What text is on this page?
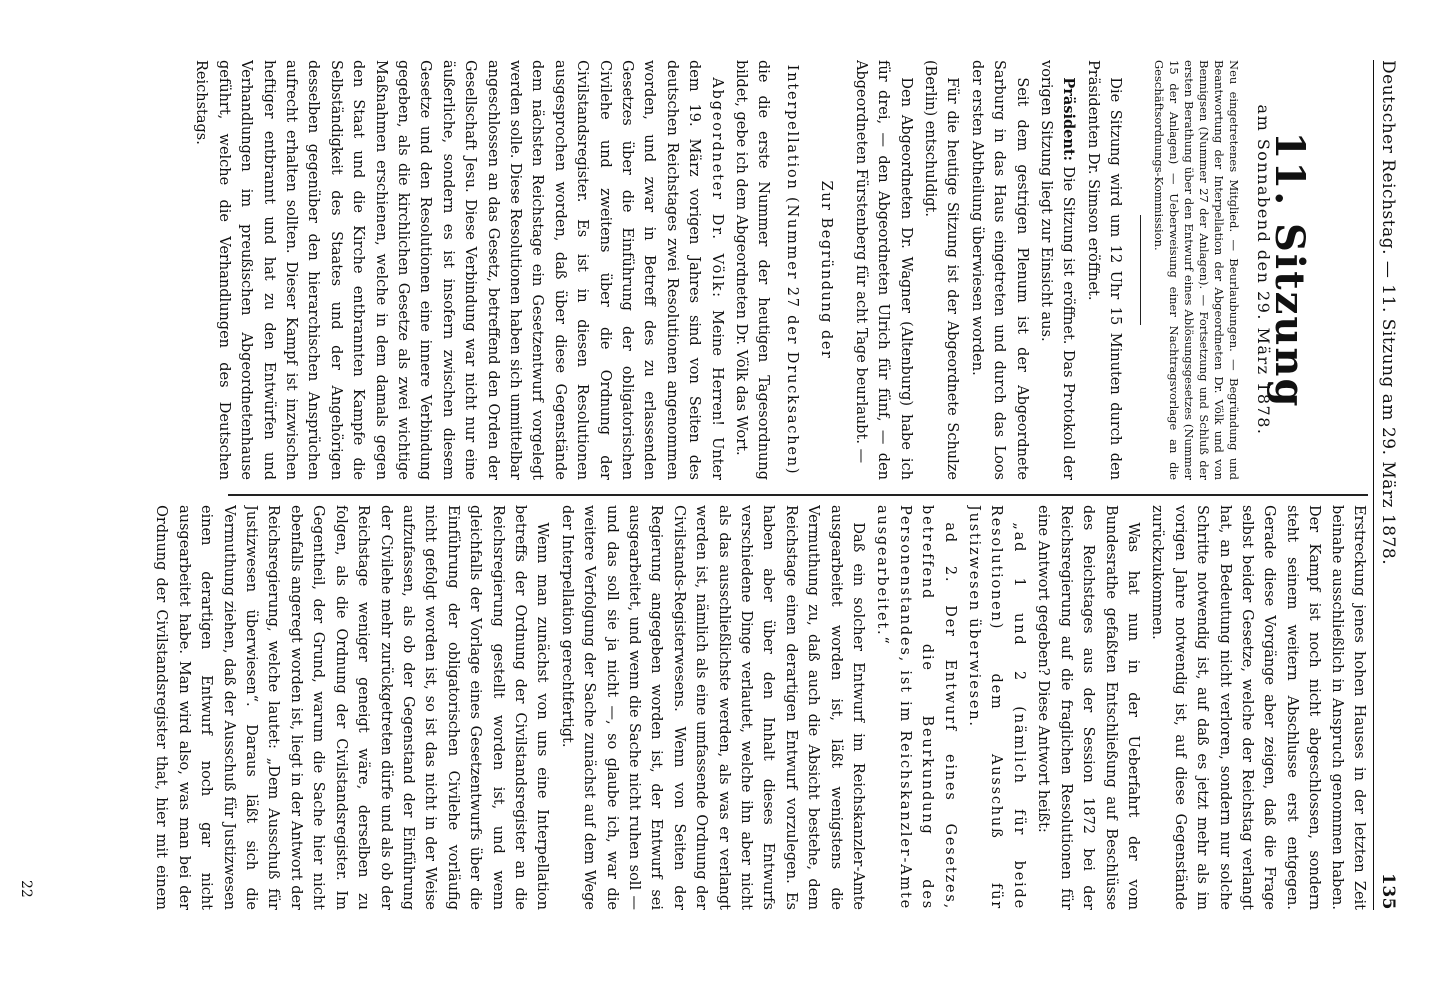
Deutscher Reichstag. — 11. Sitzung am 29. März 1878.
135
11. Sitzung
am Sonnabend den 29. März 1878.

Neu eingetretenes Mitglied. — Beurlaubungen. — Begründung und Beantwortung der Interpellation der Abgeordneten Dr. Völk und von Bennigsen (Nummer 27 der Anlagen). — Fortsetzung und Schluß der ersten Berathung über den Entwurf eines Ablösungsgesetzes (Nummer 15 der Anlagen) — Ueberweisung einer Nachtragsvorlage an die Geschäftsordnungs-Kommission.

Die Sitzung wird um 12 Uhr 15 Minuten durch den Präsidenten Dr. Simson eröffnet.

Präsident: Die Sitzung ist eröffnet. Das Protokoll der vorigen Sitzung liegt zur Einsicht aus.

Seit dem gestrigen Plenum ist der Abgeordnete Sarburg in das Haus eingetreten und durch das Loos der ersten Abtheilung überwiesen worden.

Für die heutige Sitzung ist der Abgeordnete Schulze (Berlin) entschuldigt.

Den Abgeordneten Dr. Wagner (Altenburg) habe ich für drei, — den Abgeordneten Ulrich für fünf, — den Abgeordneten Fürstenberg für acht Tage beurlaubt. —

Zur Begründung der
Interpellation (Nummer 27 der Drucksachen)

die die erste Nummer der heutigen Tagesordnung bildet, gebe ich dem Abgeordneten Dr. Völk das Wort.

Abgeordneter Dr. Völk: Meine Herren! Unter dem 19. März vorigen Jahres sind von Seiten des deutschen Reichstages zwei Resolutionen angenommen worden, und zwar in Betreff des zu erlassenden Gesetzes über die Einführung der obligatorischen Civilehe und zweitens über die Ordnung der Civilstandsregister. Es ist in diesen Resolutionen ausgesprochen worden, daß über diese Gegenstände dem nächsten Reichstage ein Gesetzentwurf vorgelegt werden solle. Diese Resolutionen haben sich unmittelbar angeschlossen an das Gesetz, betreffend den Orden der Gesellschaft Jesu. Diese Verbindung war nicht nur eine äußerliche, sondern es ist insofern zwischen diesem Gesetze und den Resolutionen eine innere Verbindung gegeben, als die kirchlichen Gesetze als zwei wichtige Maßnahmen erschienen, welche in dem damals gegen den Staat und die Kirche entbrannten Kampfe die Selbständigkeit des Staates und der Angehörigen desselben gegenüber den hierarchischen Ansprüchen aufrecht erhalten sollten. Dieser Kampf ist inzwischen heftiger entbrannt und hat zu den Entwürfen und Verhandlungen im preußischen Abgeordnetenhause geführt, welche die Verhandlungen des Deutschen Reichstags.

Erstreckung jenes hohen Hauses in der letzten Zeit beinahe ausschließlich in Anspruch genommen haben. Der Kampf ist noch nicht abgeschlossen, sondern steht seinem weitern Abschlusse erst entgegen. Gerade diese Vorgänge aber zeigen, daß die Frage selbst beider Gesetze, welche der Reichstag verlangt hat, an Bedeutung nicht verloren, sondern nur solche Schritte notwendig ist, auf daß es jetzt mehr als im vorigen Jahre notwendig ist, auf diese Gegenstände zurückzukommen.

Was hat nun in der Ueberfahrt der vom Bundesrathe gefaßten Entschließung auf Beschlüsse des Reichstages aus der Session 1872 bei der Reichsregierung auf die fraglichen Resolutionen für eine Antwort gegeben? Diese Antwort heißt:

„ad 1 und 2 (nämlich für beide Resolutionen) dem Ausschuß für Justizwesen überwiesen.

ad 2. Der Entwurf eines Gesetzes, betreffend die Beurkundung des Personenstandes, ist im Reichskanzler-Amte ausgearbeitet.“

Daß ein solcher Entwurf im Reichskanzler-Amte ausgearbeitet worden ist, läßt wenigstens die Vermuthung zu, daß auch die Absicht bestehe, dem Reichstage einen derartigen Entwurf vorzulegen. Es haben aber über den Inhalt dieses Entwurfs verschiedene Dinge verlautet, welche ihn aber nicht als das ausschließlichste werden, als was er verlangt werden ist, nämlich als eine umfassende Ordnung der Civilstands-Registerwesens. Wenn von Seiten der Regierung angegeben worden ist, der Entwurf sei ausgearbeitet, und wenn die Sache nicht ruhen soll — und das soll sie ja nicht —, so glaube ich, war die weitere Verfolgung der Sache zunächst auf dem Wege der Interpellation gerechtfertigt.

Wenn man zunächst von uns eine Interpellation betreffs der Ordnung der Civilstandsregister an die Reichsregierung gestellt worden ist, und wenn gleichfalls der Vorlage eines Gesetzentwurfs über die Einführung der obligatorischen Civilehe vorläufig nicht gefolgt worden ist, so ist das nicht in der Weise aufzufassen, als ob der Gegenstand der Einführung der Civilehe mehr zurückgetreten dürfe und als ob der Reichstage weniger geneigt wäre, derselben zu folgen, als die Ordnung der Civilstandsregister. Im Gegentheil, der Grund, warum die Sache hier nicht ebenfalls angeregt worden ist, liegt in der Antwort der Reichsregierung, welche lautet: „Dem Ausschuß für Justizwesen überwiesen“. Daraus läßt sich die Vermuthung ziehen, daß der Ausschuß für Justizwesen einen derartigen Entwurf noch gar nicht ausgearbeitet habe. Man wird also, was man bei der Ordnung der Civilstandsregister that, hier mit einem

22
